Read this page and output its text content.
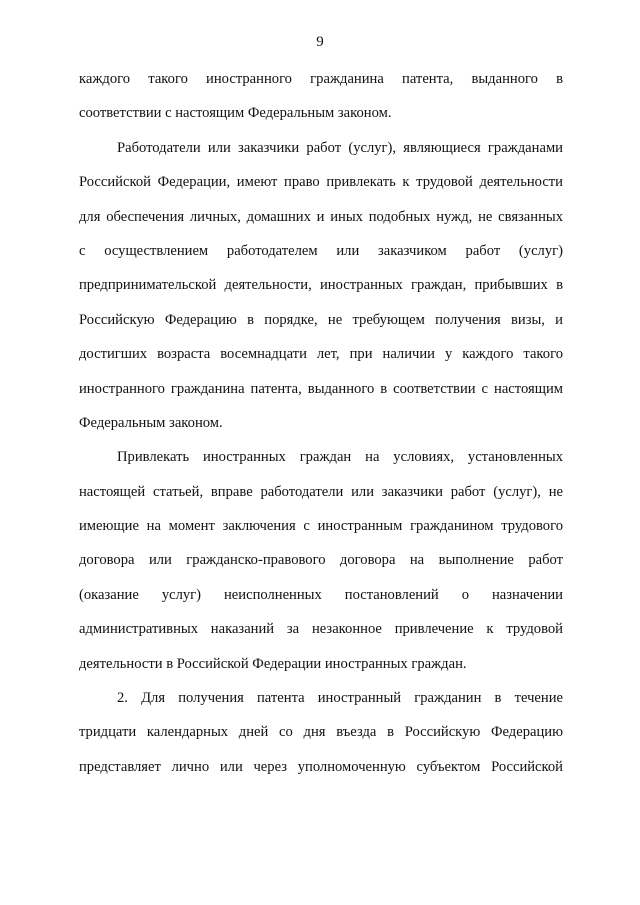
9
каждого такого иностранного гражданина патента, выданного в
соответствии с настоящим Федеральным законом.
Работодатели или заказчики работ (услуг), являющиеся гражданами
Российской Федерации, имеют право привлекать к трудовой деятельности
для обеспечения личных, домашних и иных подобных нужд, не связанных
с осуществлением работодателем или заказчиком работ (услуг)
предпринимательской деятельности, иностранных граждан, прибывших в
Российскую Федерацию в порядке, не требующем получения визы, и
достигших возраста восемнадцати лет, при наличии у каждого такого
иностранного гражданина патента, выданного в соответствии с настоящим
Федеральным законом.
Привлекать иностранных граждан на условиях, установленных
настоящей статьей, вправе работодатели или заказчики работ (услуг), не
имеющие на момент заключения с иностранным гражданином трудового
договора или гражданско-правового договора на выполнение работ
(оказание услуг) неисполненных постановлений о назначении
административных наказаний за незаконное привлечение к трудовой
деятельности в Российской Федерации иностранных граждан.
2. Для получения патента иностранный гражданин в течение
тридцати календарных дней со дня въезда в Российскую Федерацию
представляет лично или через уполномоченную субъектом Российской
